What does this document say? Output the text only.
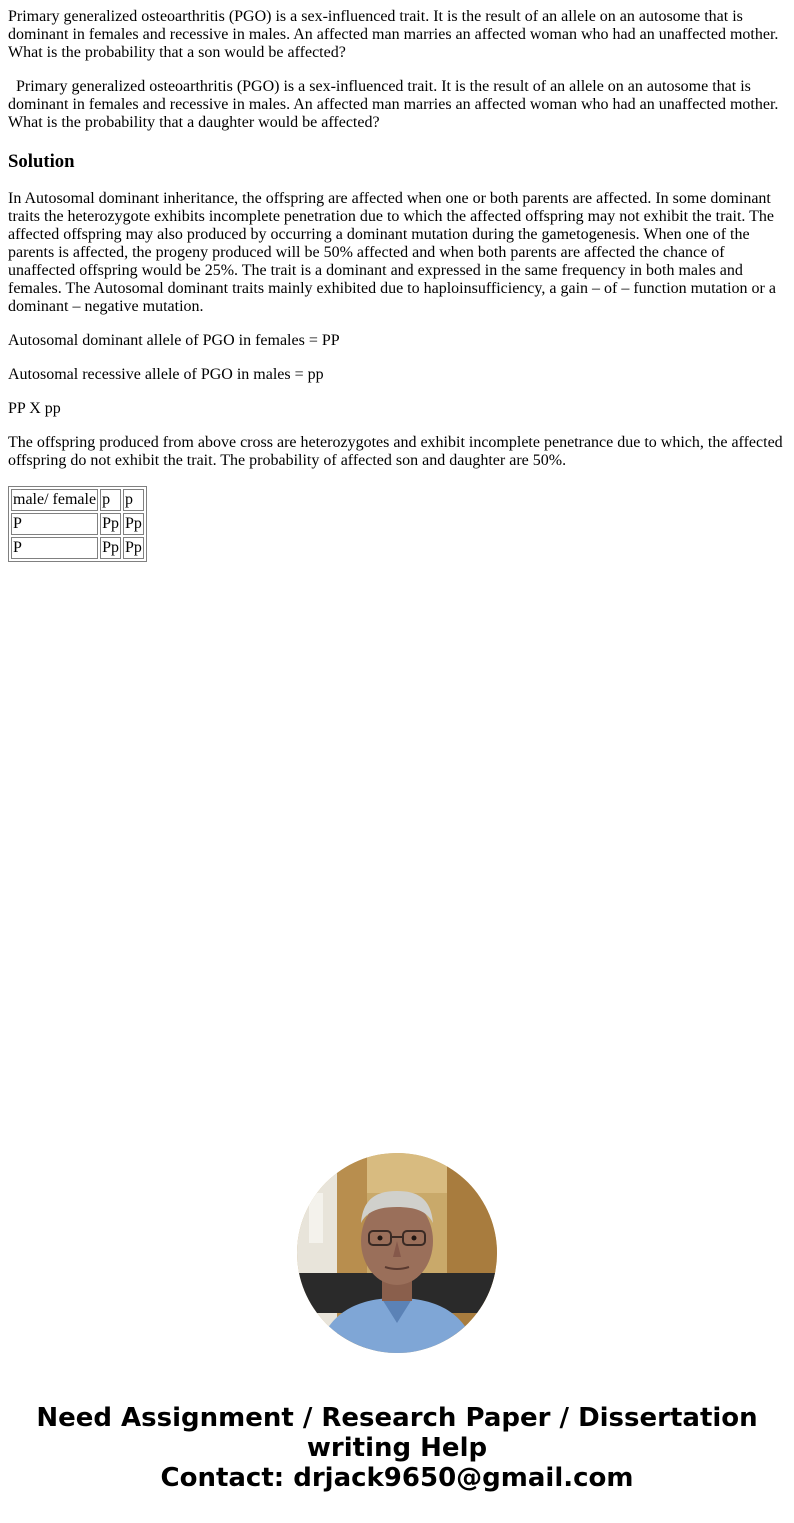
Primary generalized osteoarthritis (PGO) is a sex-influenced trait. It is the result of an allele on an autosome that is dominant in females and recessive in males. An affected man marries an affected woman who had an unaffected mother. What is the probability that a son would be affected?

Primary generalized osteoarthritis (PGO) is a sex-influenced trait. It is the result of an allele on an autosome that is dominant in females and recessive in males. An affected man marries an affected woman who had an unaffected mother. What is the probability that a daughter would be affected?

Solution

In Autosomal dominant inheritance, the offspring are affected when one or both parents are affected. In some dominant traits the heterozygote exhibits incomplete penetration due to which the affected offspring may not exhibit the trait. The affected offspring may also produced by occurring a dominant mutation during the gametogenesis. When one of the parents is affected, the progeny produced will be 50% affected and when both parents are affected the chance of unaffected offspring would be 25%. The trait is a dominant and expressed in the same frequency in both males and females. The Autosomal dominant traits mainly exhibited due to haploinsufficiency, a gain – of – function mutation or a dominant – negative mutation.

Autosomal dominant allele of PGO in females = PP

Autosomal recessive allele of PGO in males = pp

PP X pp

The offspring produced from above cross are heterozygotes and exhibit incomplete penetrance due to which, the affected offspring do not exhibit the trait. The probability of affected son and daughter are 50%.

male/ female	p	p
P	Pp	Pp
P	Pp	Pp
Need Assignment / Research Paper / Dissertation writing Help
Contact: drjack9650@gmail.com
